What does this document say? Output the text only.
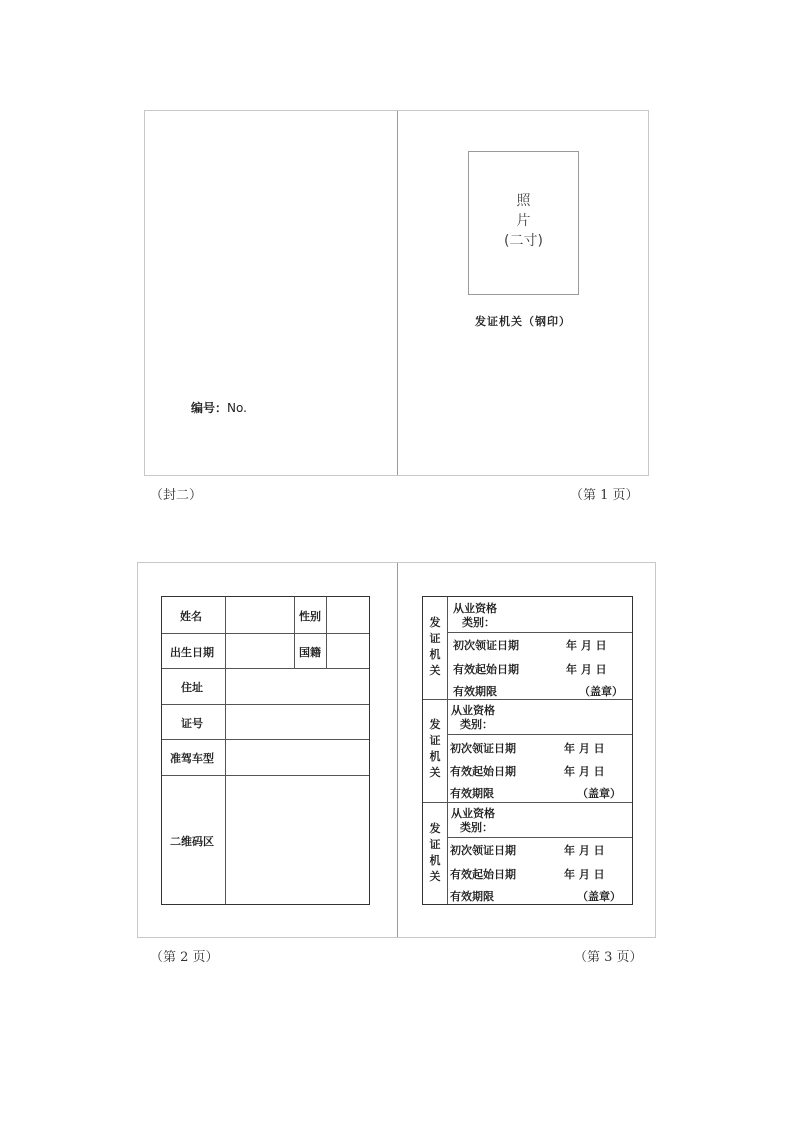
编号：No.
照
片
(二寸)
发证机关（钢印）
（封二）	（第 1 页）
姓名	性别
出生日期	国籍
住址
证号
准驾车型
二维码区
发证机关
从业资格
类别：
初次领证日期	年 月 日
有效起始日期	年 月 日
有效期限	（盖章）
发证机关
从业资格
类别：
初次领证日期	年 月 日
有效起始日期	年 月 日
有效期限	（盖章）
发证机关
从业资格
类别：
初次领证日期	年 月 日
有效起始日期	年 月 日
有效期限	（盖章）
（第 2 页）	（第 3 页）
